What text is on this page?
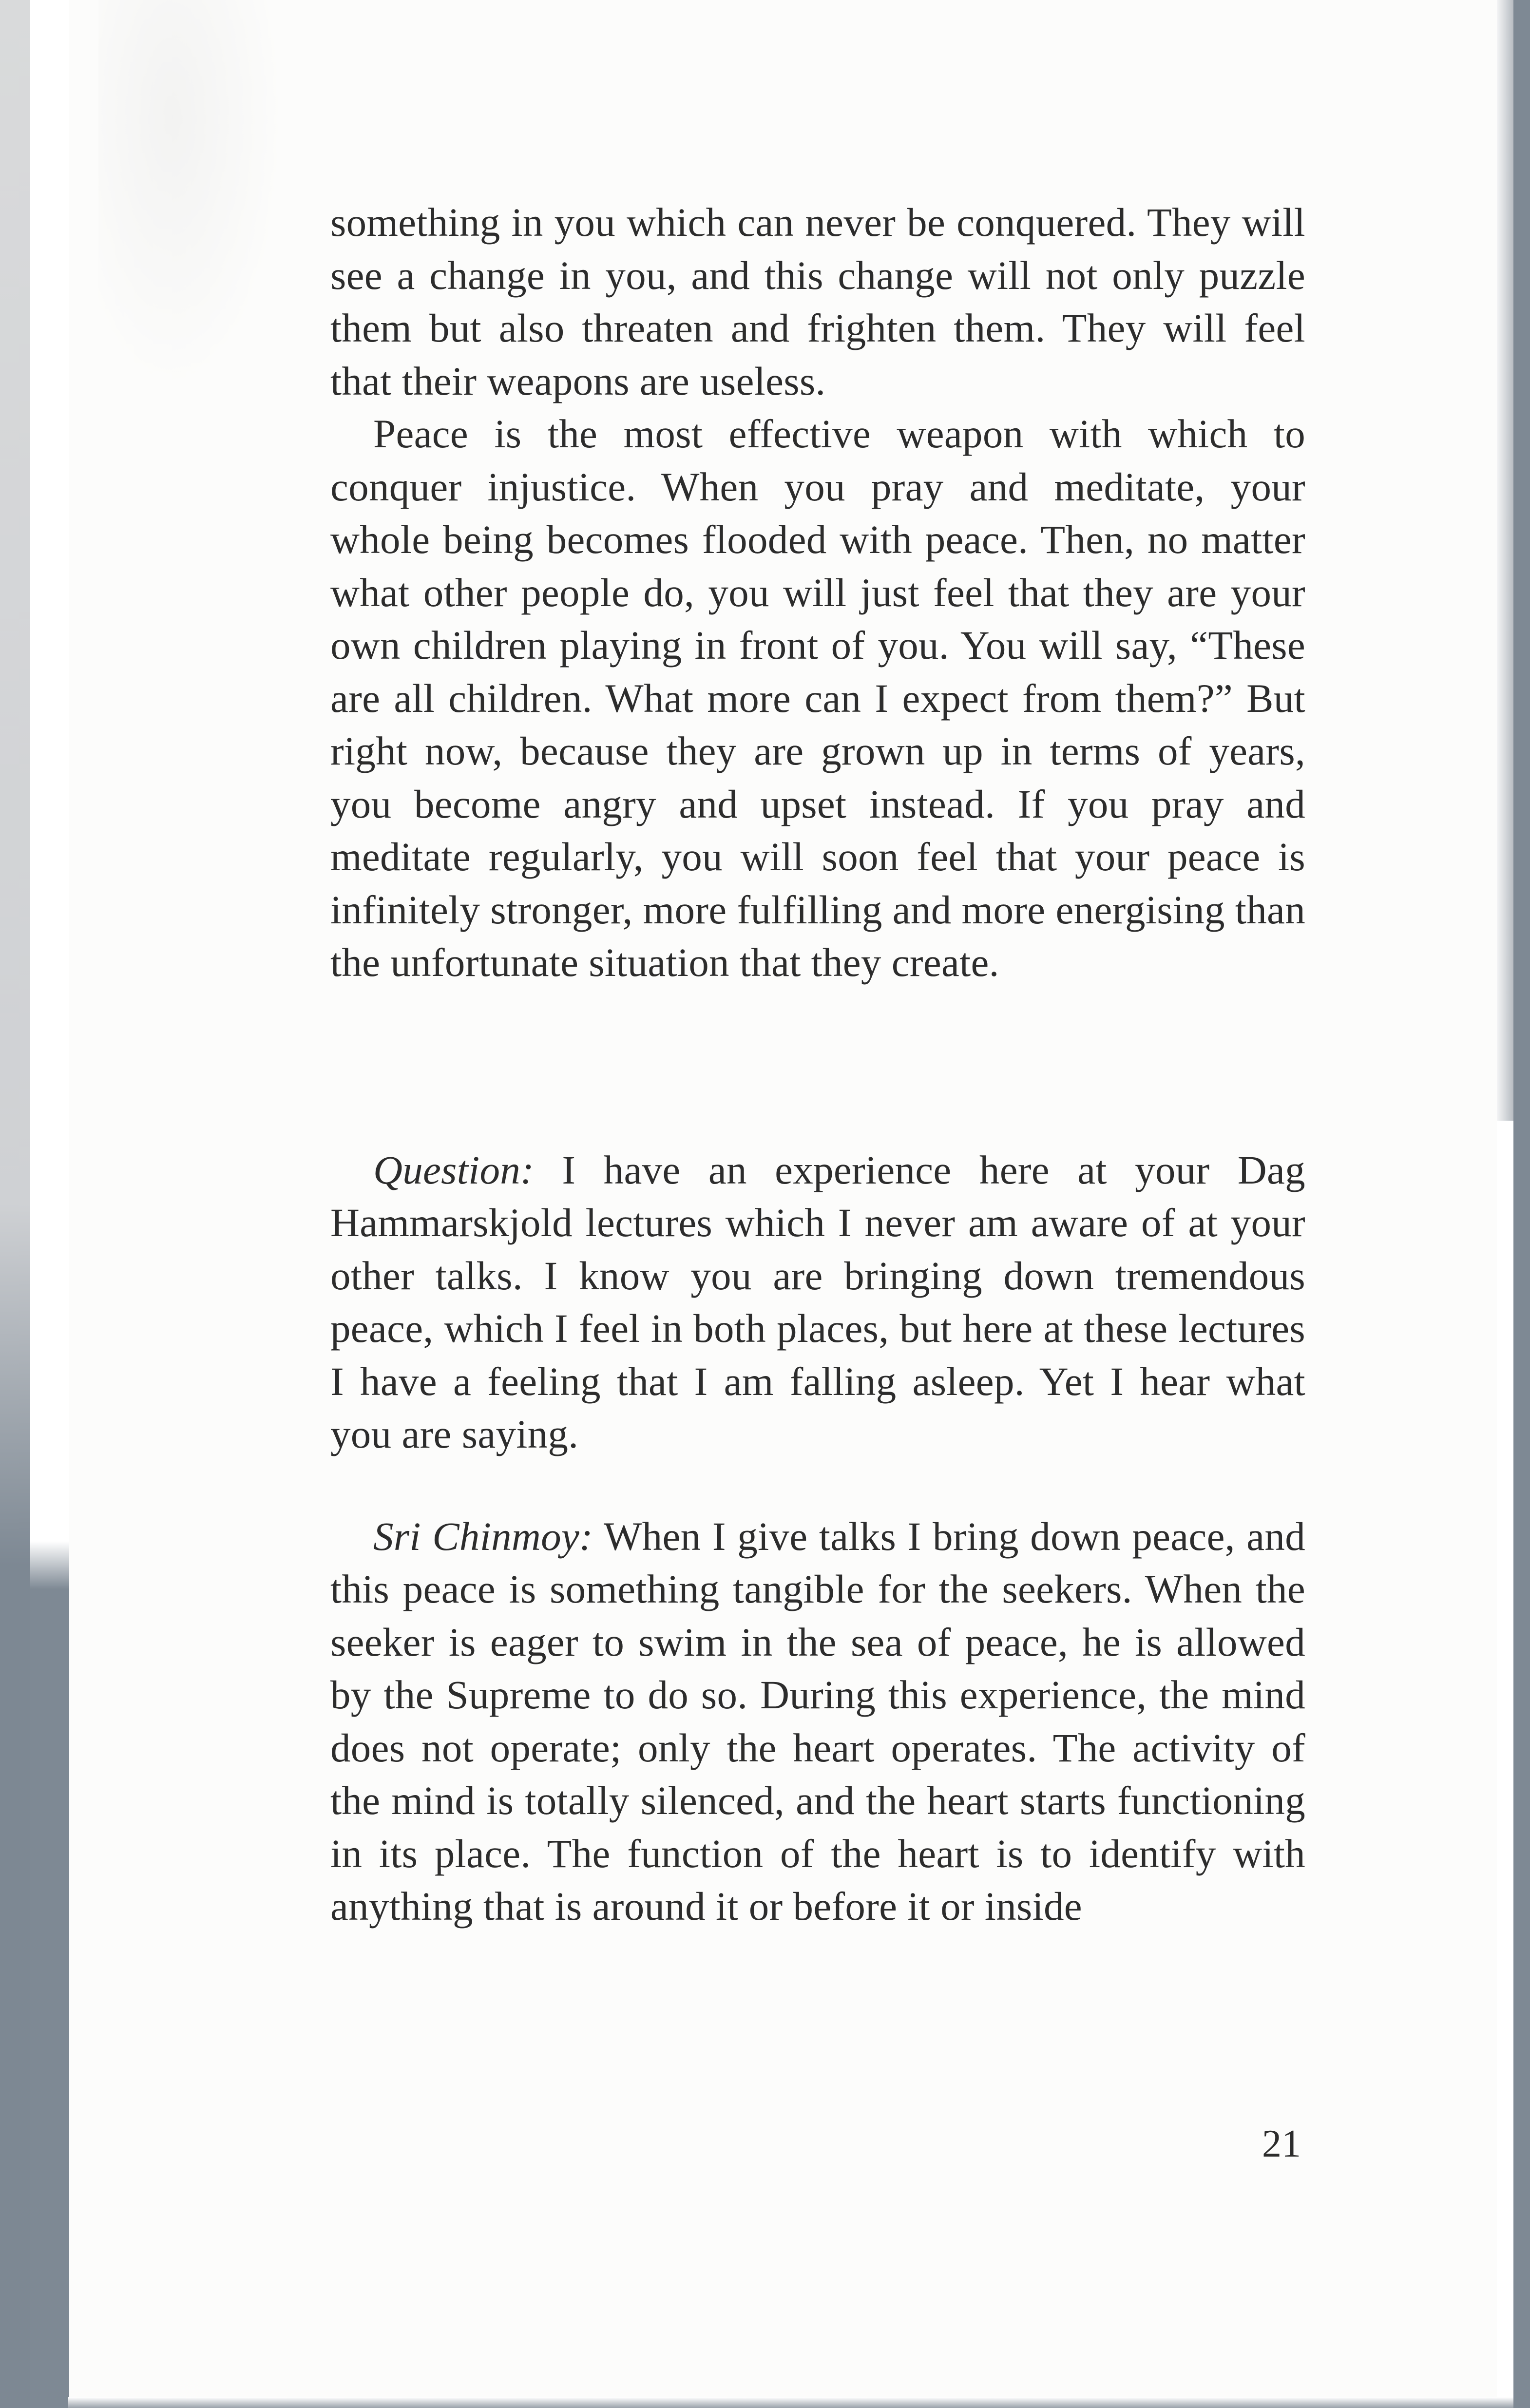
something in you which can never be conquered. They will see a change in you, and this change will not only puzzle them but also threaten and frighten them. They will feel that their weapons are useless.

Peace is the most effective weapon with which to conquer injustice. When you pray and meditate, your whole being becomes flooded with peace. Then, no matter what other people do, you will just feel that they are your own children playing in front of you. You will say, “These are all children. What more can I expect from them?” But right now, because they are grown up in terms of years, you become angry and upset instead. If you pray and meditate regularly, you will soon feel that your peace is infinitely stronger, more fulfilling and more energising than the unfortunate situation that they create.

Question: I have an experience here at your Dag Hammarskjold lectures which I never am aware of at your other talks. I know you are bringing down tremendous peace, which I feel in both places, but here at these lectures I have a feeling that I am falling asleep. Yet I hear what you are saying.

Sri Chinmoy: When I give talks I bring down peace, and this peace is something tangible for the seekers. When the seeker is eager to swim in the sea of peace, he is allowed by the Supreme to do so. During this experience, the mind does not operate; only the heart operates. The activity of the mind is totally silenced, and the heart starts functioning in its place. The function of the heart is to identify with anything that is around it or before it or inside

21
